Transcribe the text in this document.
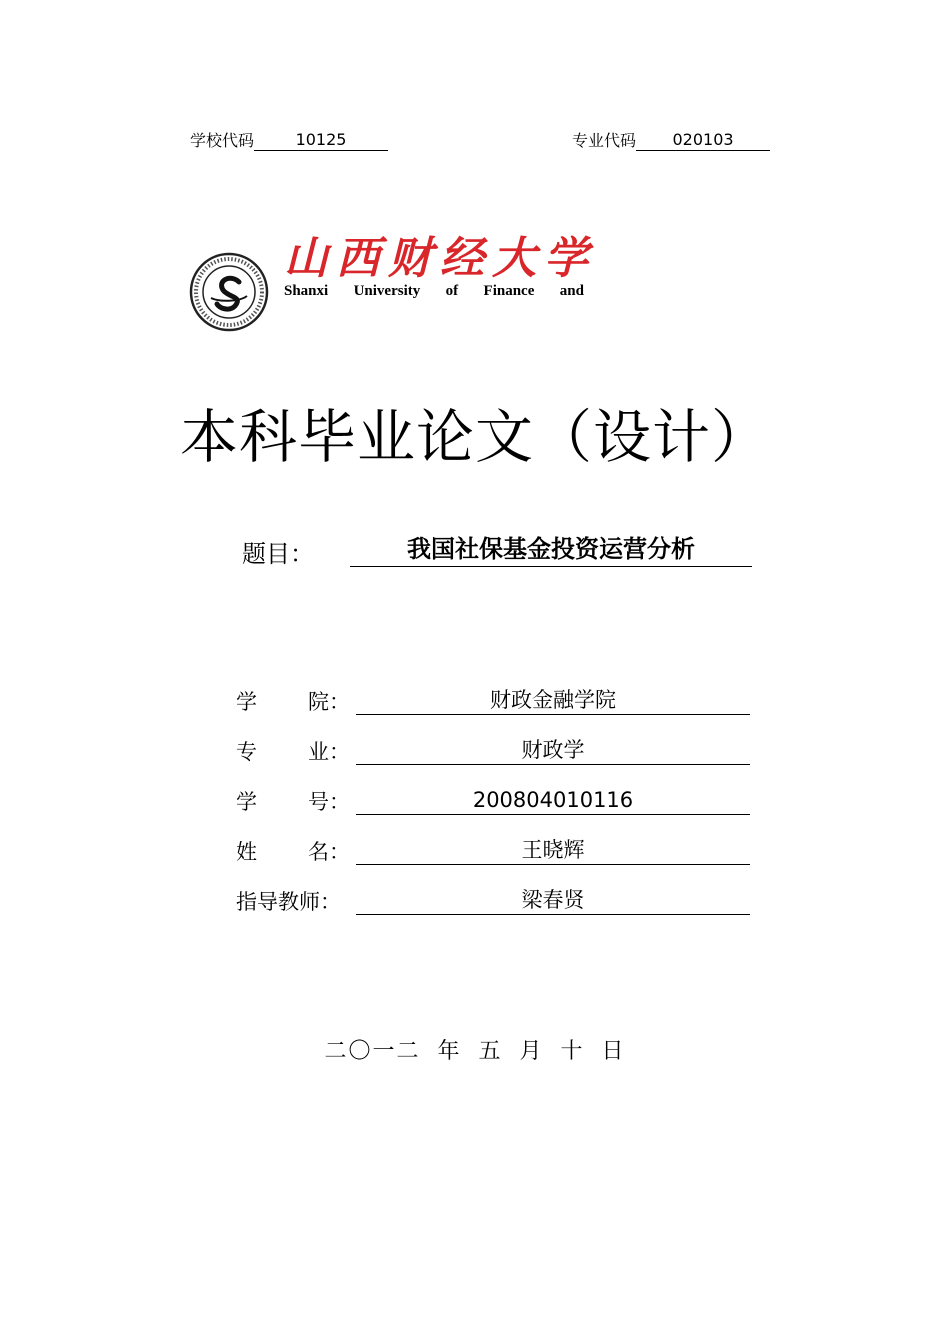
学校代码	10125	专业代码 020103
山西财经大学
Shanxi University of Finance and
本科毕业论文（设计）
题目：	我国社保基金投资运营分析
学 院：	财政金融学院
专 业：	财政学
学 号：	200804010116
姓 名：	王晓辉
指导教师：	梁春贤
二〇一二 年 五 月 十 日
